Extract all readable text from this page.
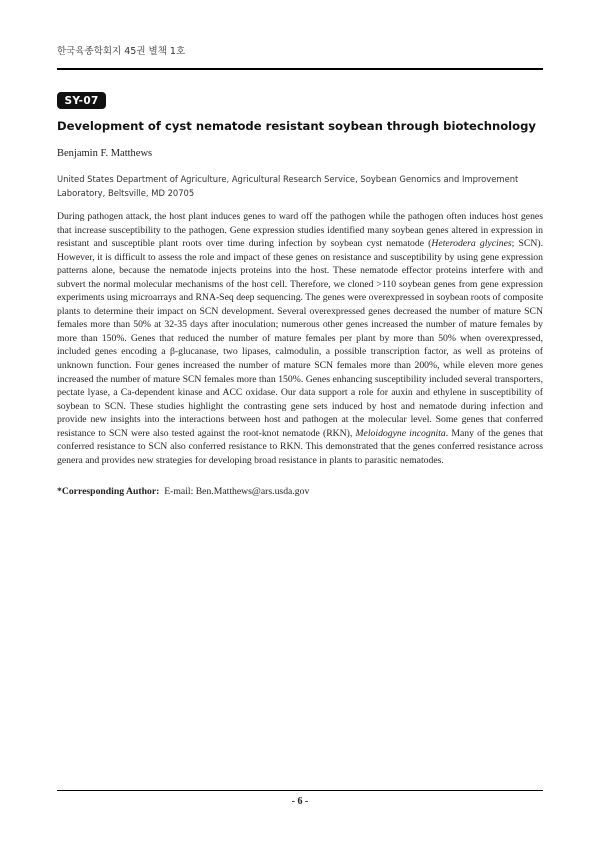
한국육종학회지 45권 별책 1호
SY-07
Development of cyst nematode resistant soybean through biotechnology
Benjamin F. Matthews
United States Department of Agriculture, Agricultural Research Service, Soybean Genomics and Improvement Laboratory, Beltsville, MD 20705
During pathogen attack, the host plant induces genes to ward off the pathogen while the pathogen often induces host genes that increase susceptibility to the pathogen. Gene expression studies identified many soybean genes altered in expression in resistant and susceptible plant roots over time during infection by soybean cyst nematode (Heterodera glycines; SCN). However, it is difficult to assess the role and impact of these genes on resistance and susceptibility by using gene expression patterns alone, because the nematode injects proteins into the host. These nematode effector proteins interfere with and subvert the normal molecular mechanisms of the host cell. Therefore, we cloned >110 soybean genes from gene expression experiments using microarrays and RNA-Seq deep sequencing. The genes were overexpressed in soybean roots of composite plants to determine their impact on SCN development. Several overexpressed genes decreased the number of mature SCN females more than 50% at 32-35 days after inoculation; numerous other genes increased the number of mature females by more than 150%. Genes that reduced the number of mature females per plant by more than 50% when overexpressed, included genes encoding a β-glucanase, two lipases, calmodulin, a possible transcription factor, as well as proteins of unknown function. Four genes increased the number of mature SCN females more than 200%, while eleven more genes increased the number of mature SCN females more than 150%. Genes enhancing susceptibility included several transporters, pectate lyase, a Ca-dependent kinase and ACC oxidase. Our data support a role for auxin and ethylene in susceptibility of soybean to SCN. These studies highlight the contrasting gene sets induced by host and nematode during infection and provide new insights into the interactions between host and pathogen at the molecular level. Some genes that conferred resistance to SCN were also tested against the root-knot nematode (RKN), Meloidogyne incognita. Many of the genes that conferred resistance to SCN also conferred resistance to RKN. This demonstrated that the genes conferred resistance across genera and provides new strategies for developing broad resistance in plants to parasitic nematodes.
*Corresponding Author: E-mail: Ben.Matthews@ars.usda.gov
- 6 -
